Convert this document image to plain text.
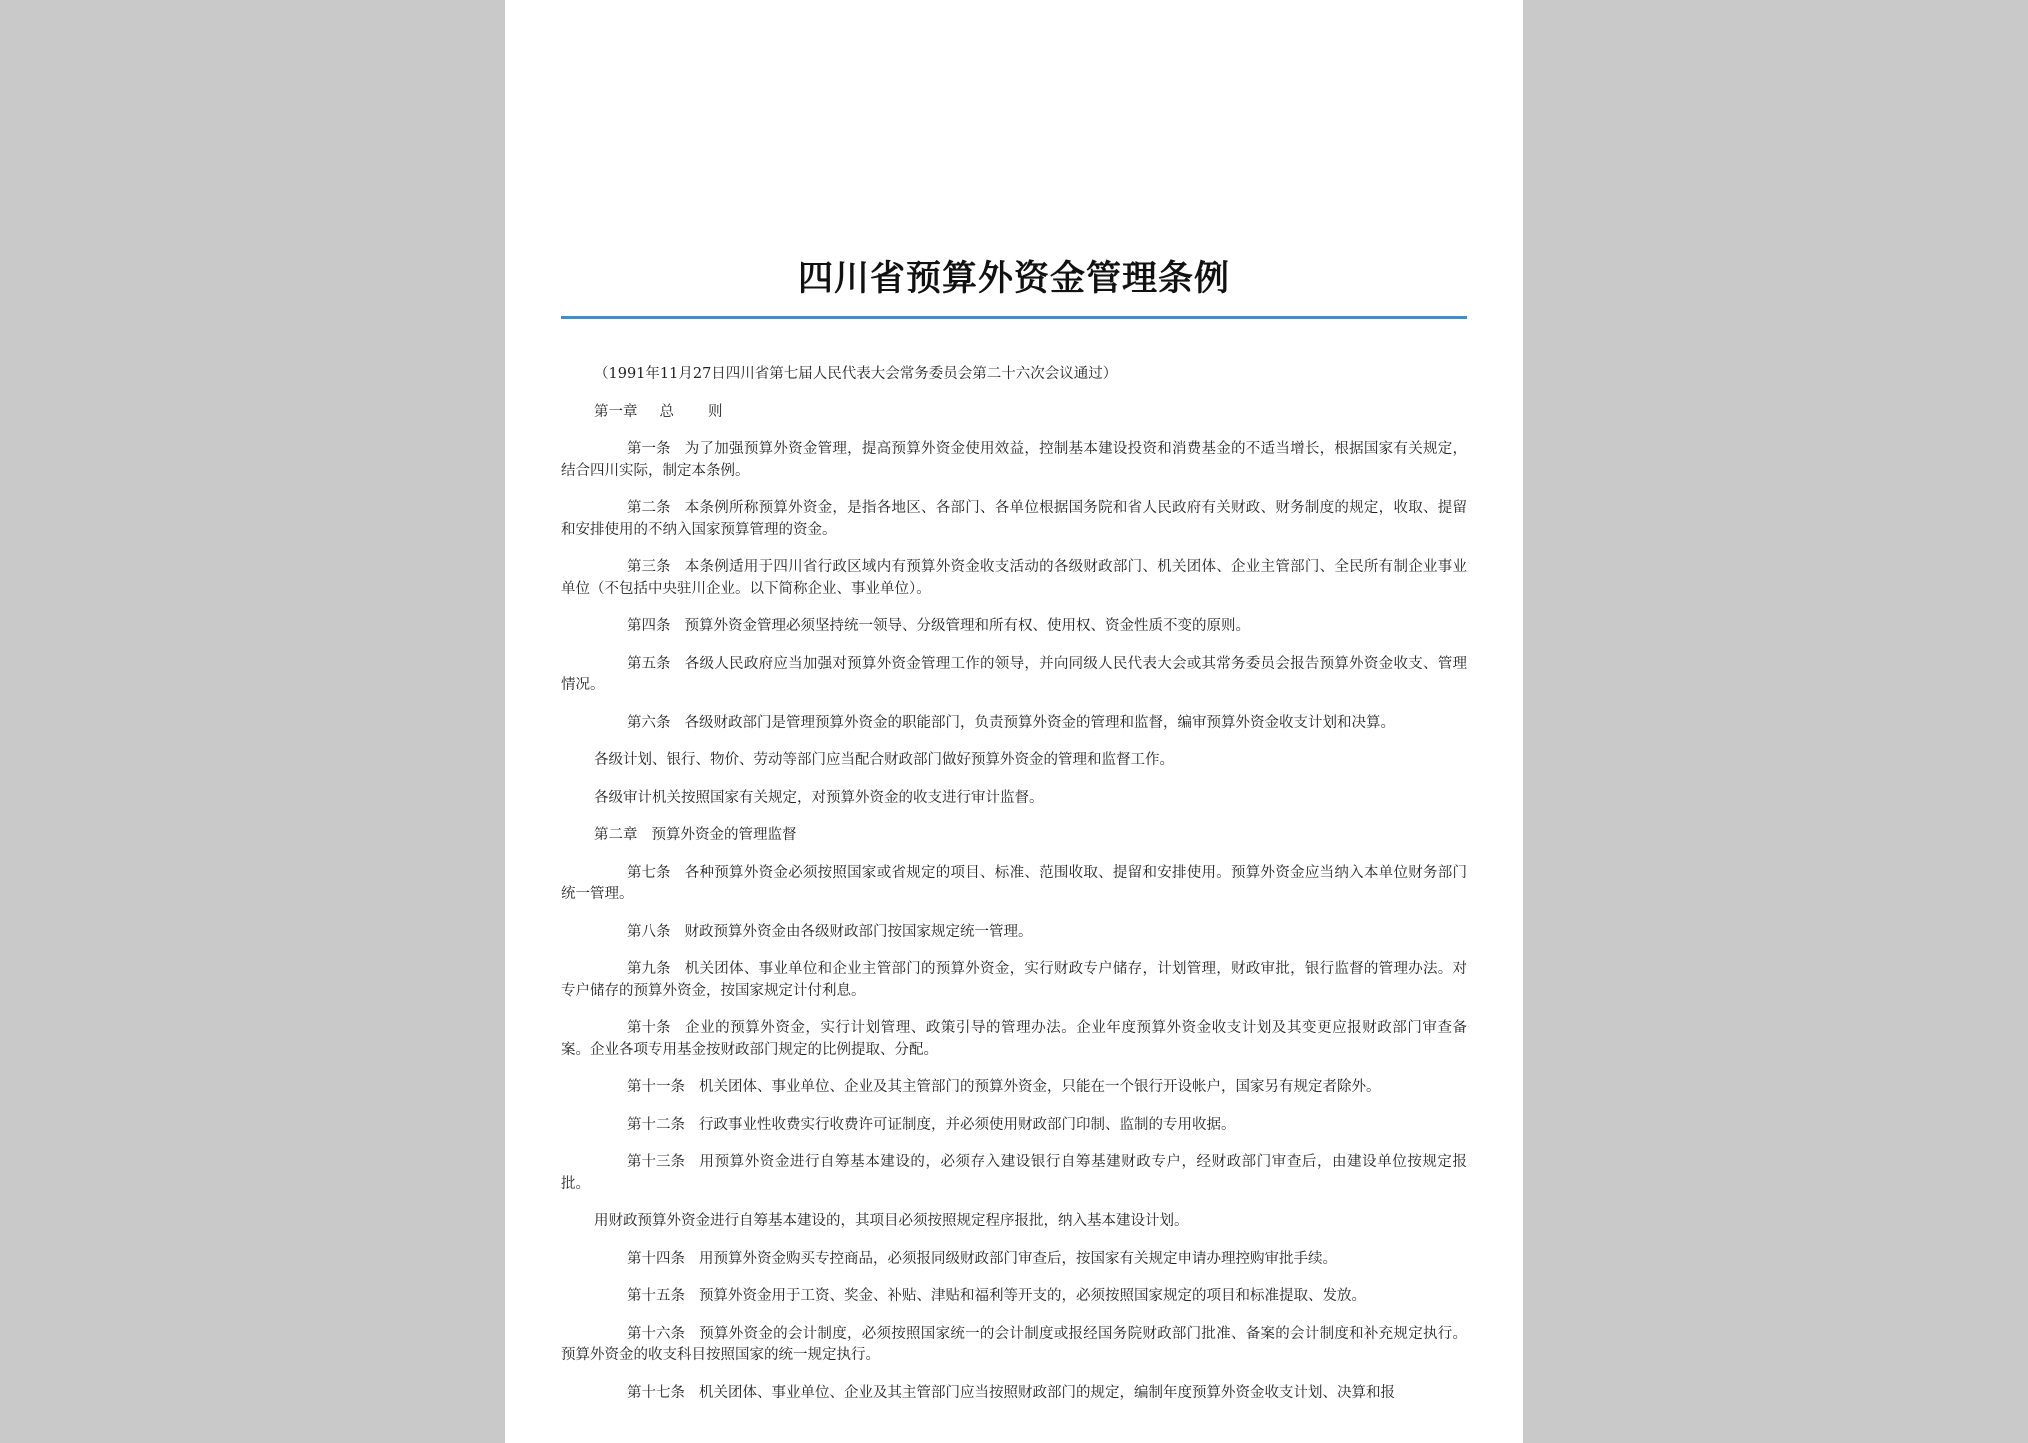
四川省预算外资金管理条例

（1991年11月27日四川省第七届人民代表大会常务委员会第二十六次会议通过）

第一章 总 则

第一条 为了加强预算外资金管理，提高预算外资金使用效益，控制基本建设投资和消费基金的不适当增长，根据国家有关规定，结合四川实际，制定本条例。

第二条 本条例所称预算外资金，是指各地区、各部门、各单位根据国务院和省人民政府有关财政、财务制度的规定，收取、提留和安排使用的不纳入国家预算管理的资金。

第三条 本条例适用于四川省行政区域内有预算外资金收支活动的各级财政部门、机关团体、企业主管部门、全民所有制企业事业单位（不包括中央驻川企业。以下简称企业、事业单位）。

第四条 预算外资金管理必须坚持统一领导、分级管理和所有权、使用权、资金性质不变的原则。

第五条 各级人民政府应当加强对预算外资金管理工作的领导，并向同级人民代表大会或其常务委员会报告预算外资金收支、管理情况。

第六条 各级财政部门是管理预算外资金的职能部门，负责预算外资金的管理和监督，编审预算外资金收支计划和决算。

各级计划、银行、物价、劳动等部门应当配合财政部门做好预算外资金的管理和监督工作。

各级审计机关按照国家有关规定，对预算外资金的收支进行审计监督。

第二章 预算外资金的管理监督

第七条 各种预算外资金必须按照国家或省规定的项目、标准、范围收取、提留和安排使用。预算外资金应当纳入本单位财务部门统一管理。

第八条 财政预算外资金由各级财政部门按国家规定统一管理。

第九条 机关团体、事业单位和企业主管部门的预算外资金，实行财政专户储存，计划管理，财政审批，银行监督的管理办法。对专户储存的预算外资金，按国家规定计付利息。

第十条 企业的预算外资金，实行计划管理、政策引导的管理办法。企业年度预算外资金收支计划及其变更应报财政部门审查备案。企业各项专用基金按财政部门规定的比例提取、分配。

第十一条 机关团体、事业单位、企业及其主管部门的预算外资金，只能在一个银行开设帐户，国家另有规定者除外。

第十二条 行政事业性收费实行收费许可证制度，并必须使用财政部门印制、监制的专用收据。

第十三条 用预算外资金进行自筹基本建设的，必须存入建设银行自筹基建财政专户，经财政部门审查后，由建设单位按规定报批。

用财政预算外资金进行自筹基本建设的，其项目必须按照规定程序报批，纳入基本建设计划。

第十四条 用预算外资金购买专控商品，必须报同级财政部门审查后，按国家有关规定申请办理控购审批手续。

第十五条 预算外资金用于工资、奖金、补贴、津贴和福利等开支的，必须按照国家规定的项目和标准提取、发放。

第十六条 预算外资金的会计制度，必须按照国家统一的会计制度或报经国务院财政部门批准、备案的会计制度和补充规定执行。预算外资金的收支科目按照国家的统一规定执行。

第十七条 机关团体、事业单位、企业及其主管部门应当按照财政部门的规定，编制年度预算外资金收支计划、决算和报
